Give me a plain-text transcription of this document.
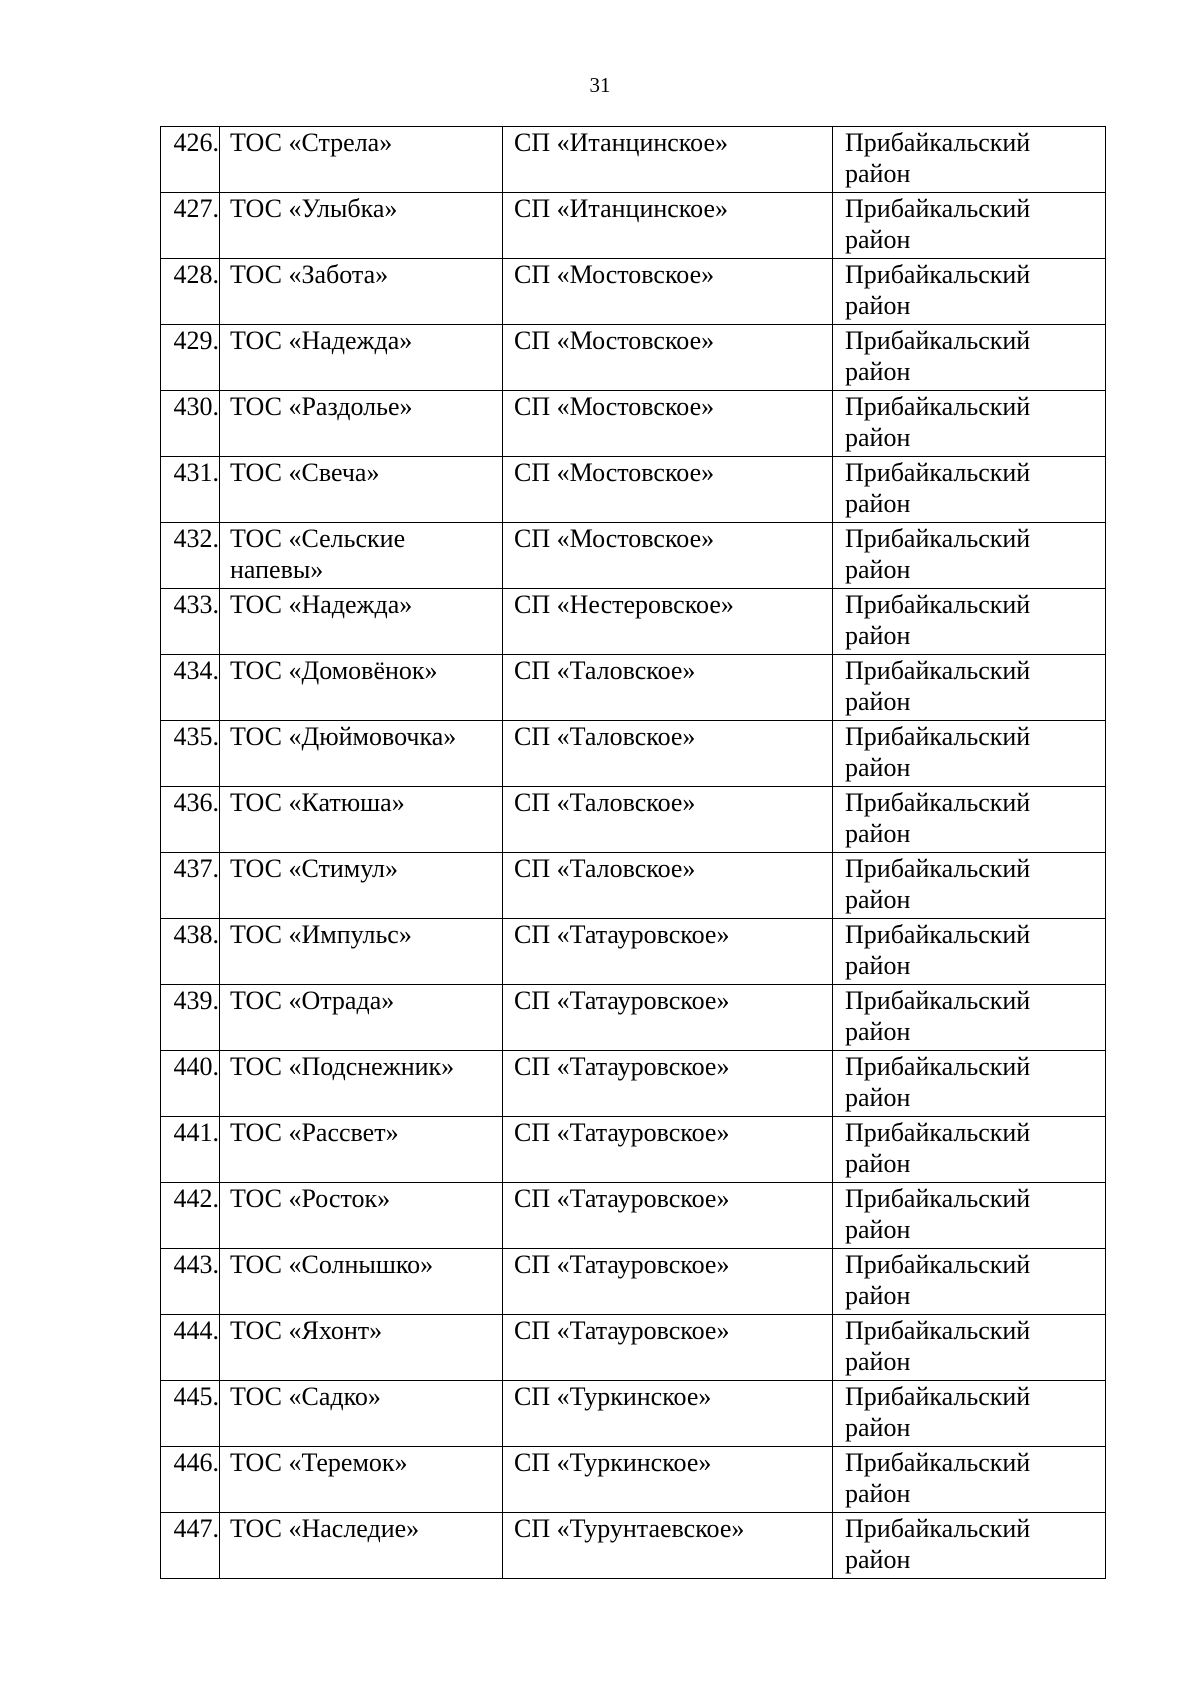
31
426.	ТОС «Стрела»	СП «Итанцинское»	Прибайкальский район
427.	ТОС «Улыбка»	СП «Итанцинское»	Прибайкальский район
428.	ТОС «Забота»	СП «Мостовское»	Прибайкальский район
429.	ТОС «Надежда»	СП «Мостовское»	Прибайкальский район
430.	ТОС «Раздолье»	СП «Мостовское»	Прибайкальский район
431.	ТОС «Свеча»	СП «Мостовское»	Прибайкальский район
432.	ТОС «Сельские напевы»	СП «Мостовское»	Прибайкальский район
433.	ТОС «Надежда»	СП «Нестеровское»	Прибайкальский район
434.	ТОС «Домовёнок»	СП «Таловское»	Прибайкальский район
435.	ТОС «Дюймовочка»	СП «Таловское»	Прибайкальский район
436.	ТОС «Катюша»	СП «Таловское»	Прибайкальский район
437.	ТОС «Стимул»	СП «Таловское»	Прибайкальский район
438.	ТОС «Импульс»	СП «Татауровское»	Прибайкальский район
439.	ТОС «Отрада»	СП «Татауровское»	Прибайкальский район
440.	ТОС «Подснежник»	СП «Татауровское»	Прибайкальский район
441.	ТОС «Рассвет»	СП «Татауровское»	Прибайкальский район
442.	ТОС «Росток»	СП «Татауровское»	Прибайкальский район
443.	ТОС «Солнышко»	СП «Татауровское»	Прибайкальский район
444.	ТОС «Яхонт»	СП «Татауровское»	Прибайкальский район
445.	ТОС «Садко»	СП «Туркинское»	Прибайкальский район
446.	ТОС «Теремок»	СП «Туркинское»	Прибайкальский район
447.	ТОС «Наследие»	СП «Турунтаевское»	Прибайкальский район
